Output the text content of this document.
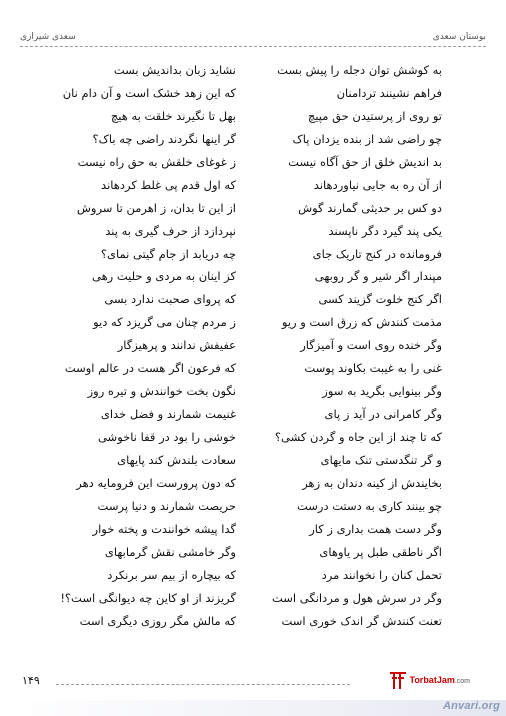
بوستان سعدی
سعدی شیرازی
به کوشش توان دجله را پیش بست
نشاید زبان بداندیش بست
فراهم نشینند تردامنان
که این زهد خشک است و آن دام نان
تو روی از پرستیدن حق مپیچ
بهل تا نگیرند خلقت به هیچ
چو راضی شد از بنده یزدان پاک
گر اینها نگردند راضی چه باک؟
بد اندیش خلق از حق آگاه نیست
ز غوغای خلقش به حق راه نیست
از آن ره به جایی نیاوردهاند
که اول قدم پی غلط کردهاند
دو کس بر حدیثی گمارند گوش
از این تا بدان، ز اهرمن تا سروش
یکی پند گیرد دگر ناپسند
نپردازد از حرف گیری به پند
فرومانده در کنج تاریک جای
چه دریابد از جام گیتی نمای؟
مپندار اگر شیر و گر روبهی
کز اینان به مردی و حلیت رهی
اگر کنج خلوت گزیند کسی
که پروای صحبت ندارد بسی
مذمت کنندش که زرق است و ریو
ز مردم چنان می گریزد که دیو
وگر خنده روی است و آمیزگار
عفیفش ندانند و پرهیزگار
غنی را به غیبت بکاوند پوست
که فرعون اگر هست در عالم اوست
وگر بینوایی بگرید به سوز
نگون بخت خوانندش و تیره روز
وگر کامرانی در آید ز پای
غنیمت شمارند و فضل خدای
که تا چند از این جاه و گردن کشی؟
خوشی را بود در قفا ناخوشی
و گر تنگدستی تنک مایهای
سعادت بلندش کند پایهای
بخایندش از کینه دندان به زهر
که دون پرورست این فرومایه دهر
چو بینند کاری به دستت درست
حریصت شمارند و دنیا پرست
وگر دست همت بداری ز کار
گدا پیشه خوانندت و پخته خوار
اگر ناطقی طبل پر یاوهای
وگر خامشی نقش گرمابهای
تحمل کنان را نخوانند مرد
که بیچاره از بیم سر برنکرد
وگر در سرش هول و مردانگی است
گریزند از او کاین چه دیوانگی است؟!
تعنت کنندش گر اندک خوری است
که مالش مگر روزی دیگری است
۱۴۹	TorbatJam.com
Anvari.org
